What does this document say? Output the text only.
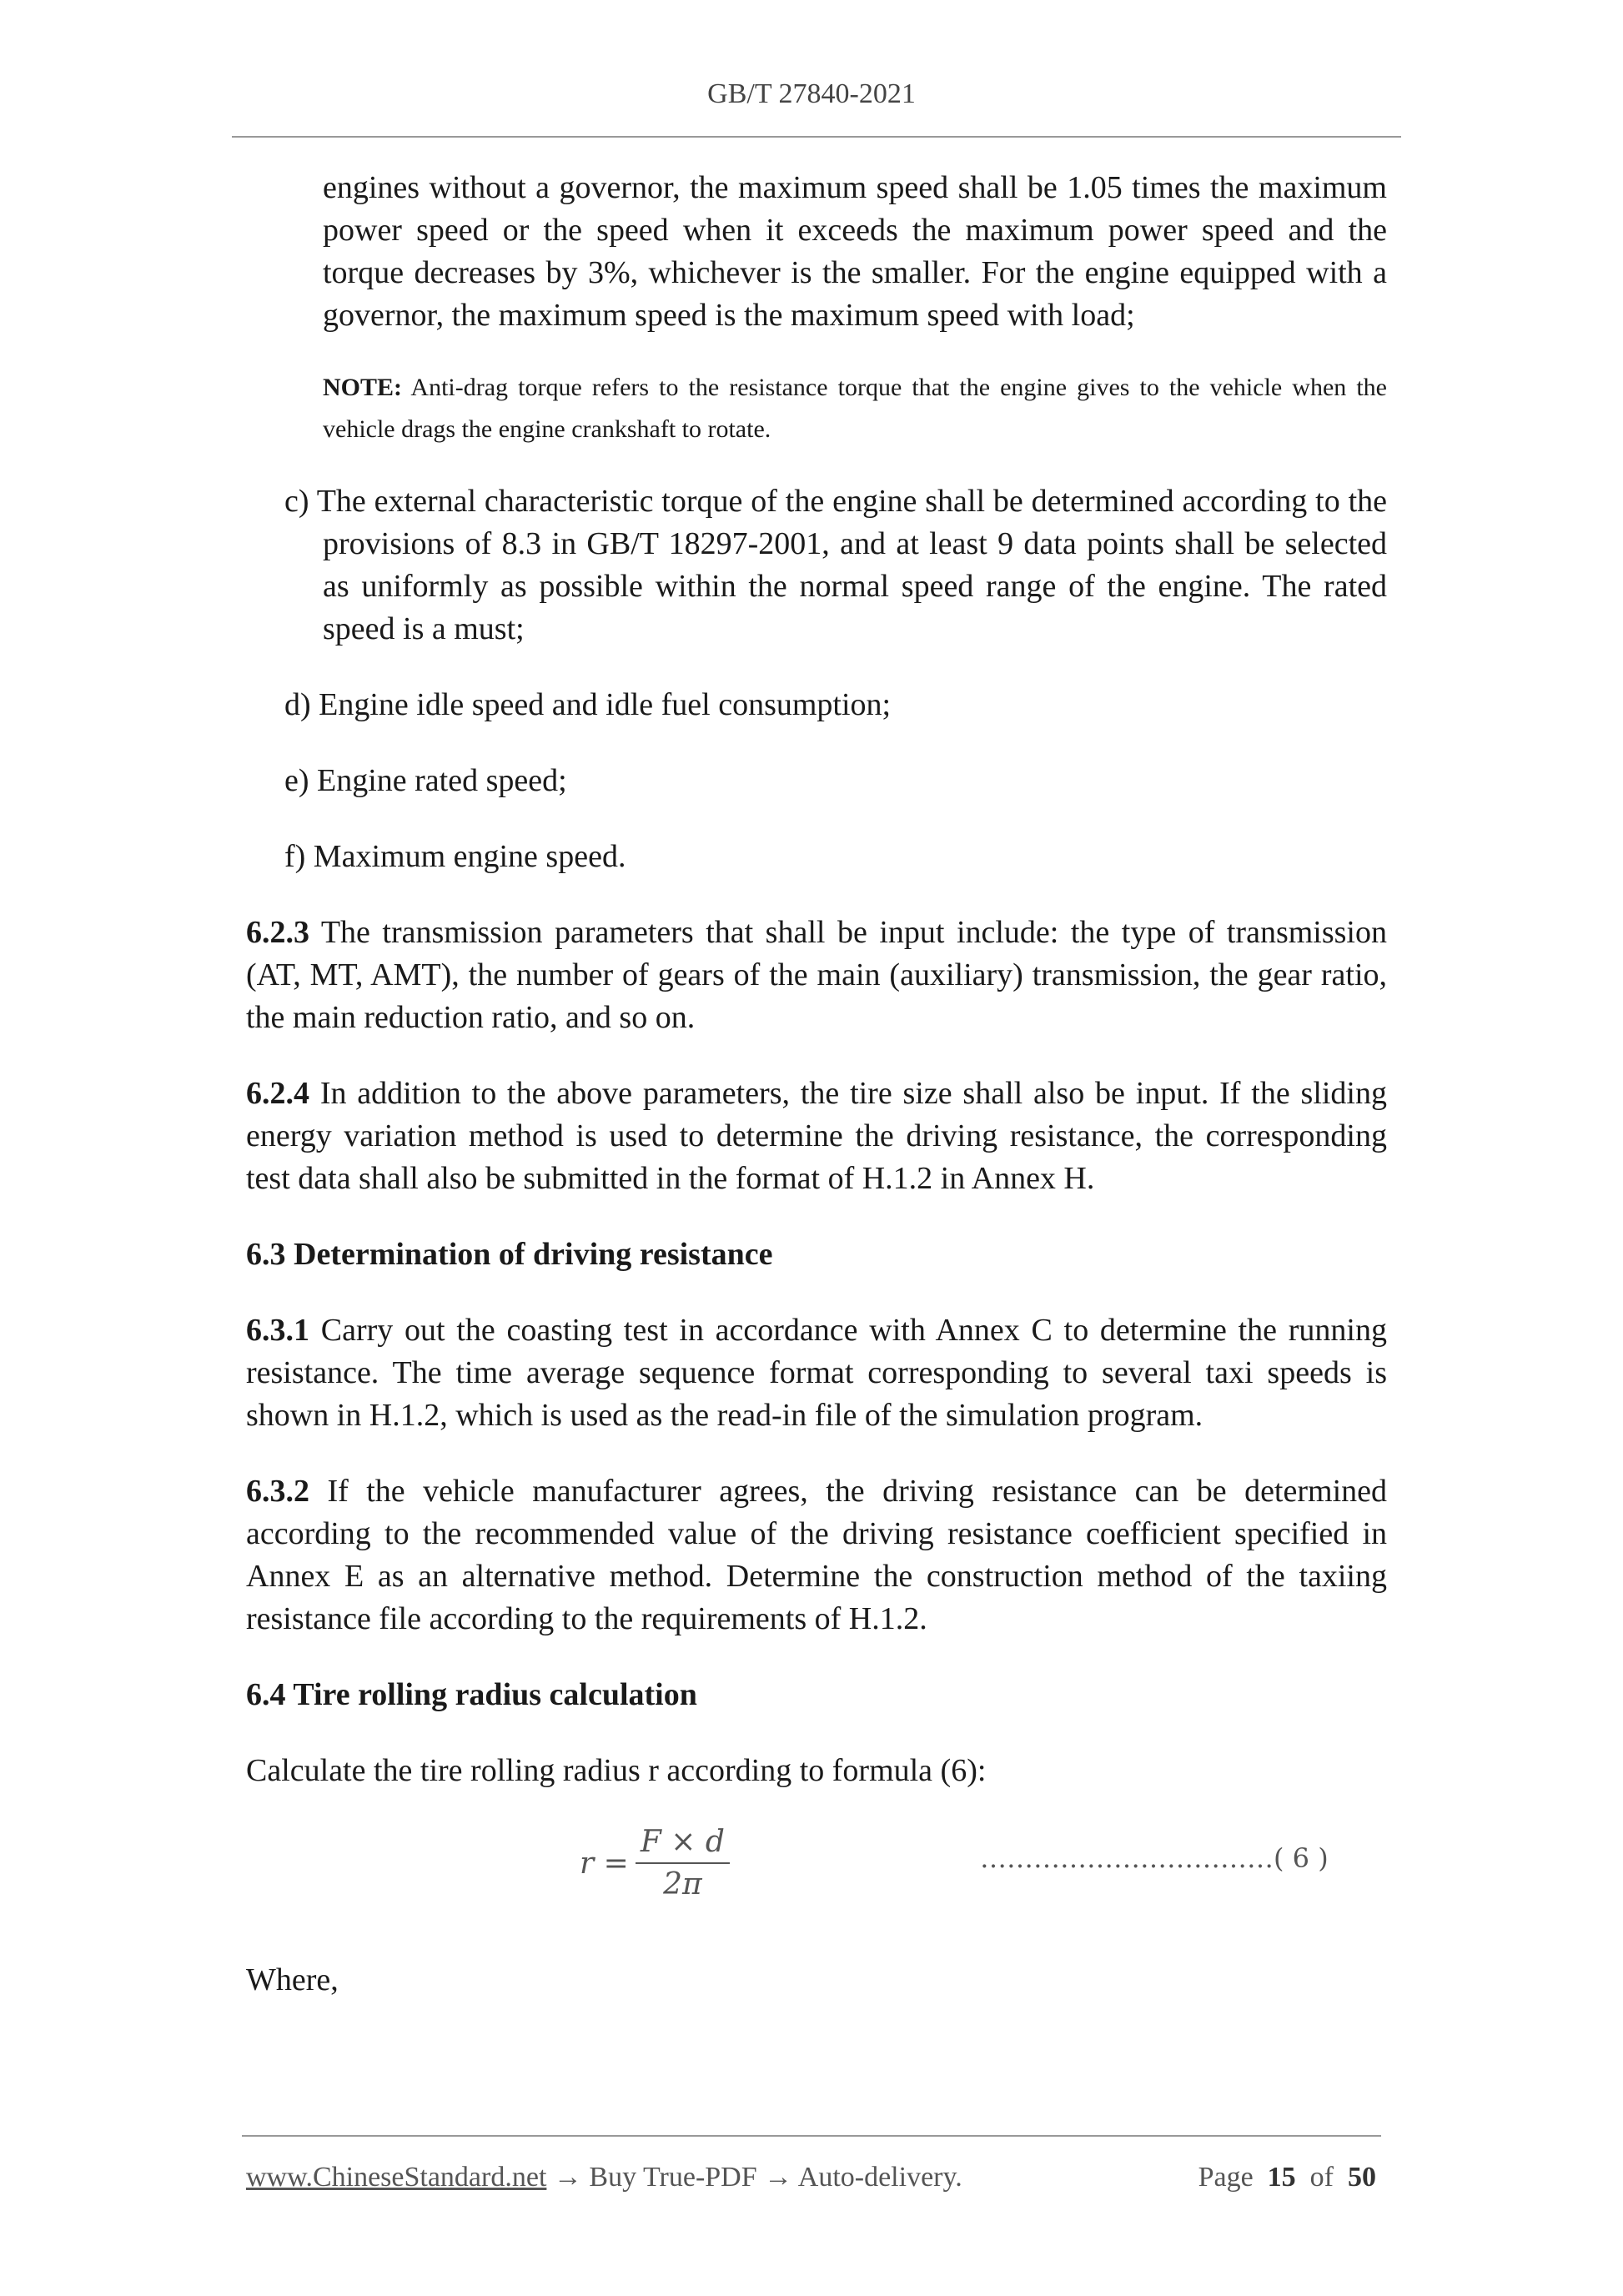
GB/T 27840-2021

engines without a governor, the maximum speed shall be 1.05 times the maximum power speed or the speed when it exceeds the maximum power speed and the torque decreases by 3%, whichever is the smaller. For the engine equipped with a governor, the maximum speed is the maximum speed with load;

NOTE: Anti-drag torque refers to the resistance torque that the engine gives to the vehicle when the vehicle drags the engine crankshaft to rotate.

c) The external characteristic torque of the engine shall be determined according to the provisions of 8.3 in GB/T 18297-2001, and at least 9 data points shall be selected as uniformly as possible within the normal speed range of the engine. The rated speed is a must;

d) Engine idle speed and idle fuel consumption;

e) Engine rated speed;

f) Maximum engine speed.

6.2.3 The transmission parameters that shall be input include: the type of transmission (AT, MT, AMT), the number of gears of the main (auxiliary) transmission, the gear ratio, the main reduction ratio, and so on.

6.2.4 In addition to the above parameters, the tire size shall also be input. If the sliding energy variation method is used to determine the driving resistance, the corresponding test data shall also be submitted in the format of H.1.2 in Annex H.

6.3 Determination of driving resistance

6.3.1 Carry out the coasting test in accordance with Annex C to determine the running resistance. The time average sequence format corresponding to several taxi speeds is shown in H.1.2, which is used as the read-in file of the simulation program.

6.3.2 If the vehicle manufacturer agrees, the driving resistance can be determined according to the recommended value of the driving resistance coefficient specified in Annex E as an alternative method. Determine the construction method of the taxiing resistance file according to the requirements of H.1.2.

6.4 Tire rolling radius calculation

Calculate the tire rolling radius r according to formula (6):

$r = \frac{F \times d}{2\pi}$	……………………………( 6 )

Where,

www.ChineseStandard.net → Buy True-PDF → Auto-delivery.	Page 15 of 50
